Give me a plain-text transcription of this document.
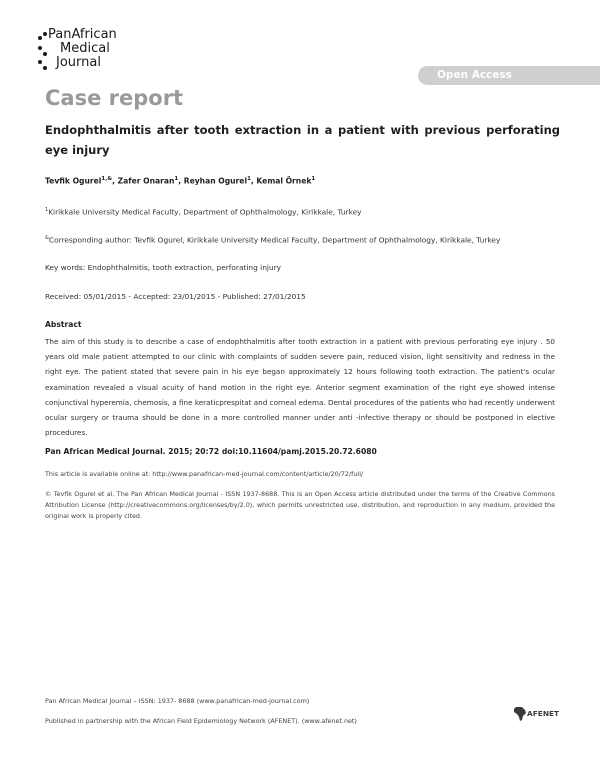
PanAfrican
Medical
Journal
Open Access
Case report
Endophthalmitis after tooth extraction in a patient with previous perforating eye injury
Tevfik Ogurel$^{1,\&}$, Zafer Onaran$^1$, Reyhan Ogurel$^1$, Kemal Örnek$^1$
$^1$Kirikkale University Medical Faculty, Department of Ophthalmology, Kirikkale, Turkey
&Corresponding author: Tevfik Ogurel, Kirikkale University Medical Faculty, Department of Ophthalmology, Kirikkale, Turkey
Key words: Endophthalmitis, tooth extraction, perforating injury
Received: 05/01/2015 - Accepted: 23/01/2015 - Published: 27/01/2015
Abstract
The aim of this study is to describe a case of endophthalmitis after tooth extraction in a patient with previous perforating eye injury . 50 years old male patient attempted to our clinic with complaints of sudden severe pain, reduced vision, light sensitivity and redness in the right eye. The patient stated that severe pain in his eye began approximately 12 hours following tooth extraction. The patient's ocular examination revealed a visual acuity of hand motion in the right eye. Anterior segment examination of the right eye showed intense conjunctival hyperemia, chemosis, a fine keraticprespitat and corneal edema. Dental procedures of the patients who had recently underwent ocular surgery or trauma should be done in a more controlled manner under anti -infective therapy or should be postponed in elective procedures.
Pan African Medical Journal. 2015; 20:72 doi:10.11604/pamj.2015.20.72.6080
This article is available online at: http://www.panafrican-med-journal.com/content/article/20/72/full/
© Tevfik Ogurel et al. The Pan African Medical Journal - ISSN 1937-8688. This is an Open Access article distributed under the terms of the Creative Commons Attribution License (http://creativecommons.org/licenses/by/2.0), which permits unrestricted use, distribution, and reproduction in any medium, provided the original work is properly cited.
Pan African Medical Journal – ISSN: 1937- 8688 (www.panafrican-med-journal.com)
Published in partnership with the African Field Epidemiology Network (AFENET). (www.afenet.net)
AFENET
